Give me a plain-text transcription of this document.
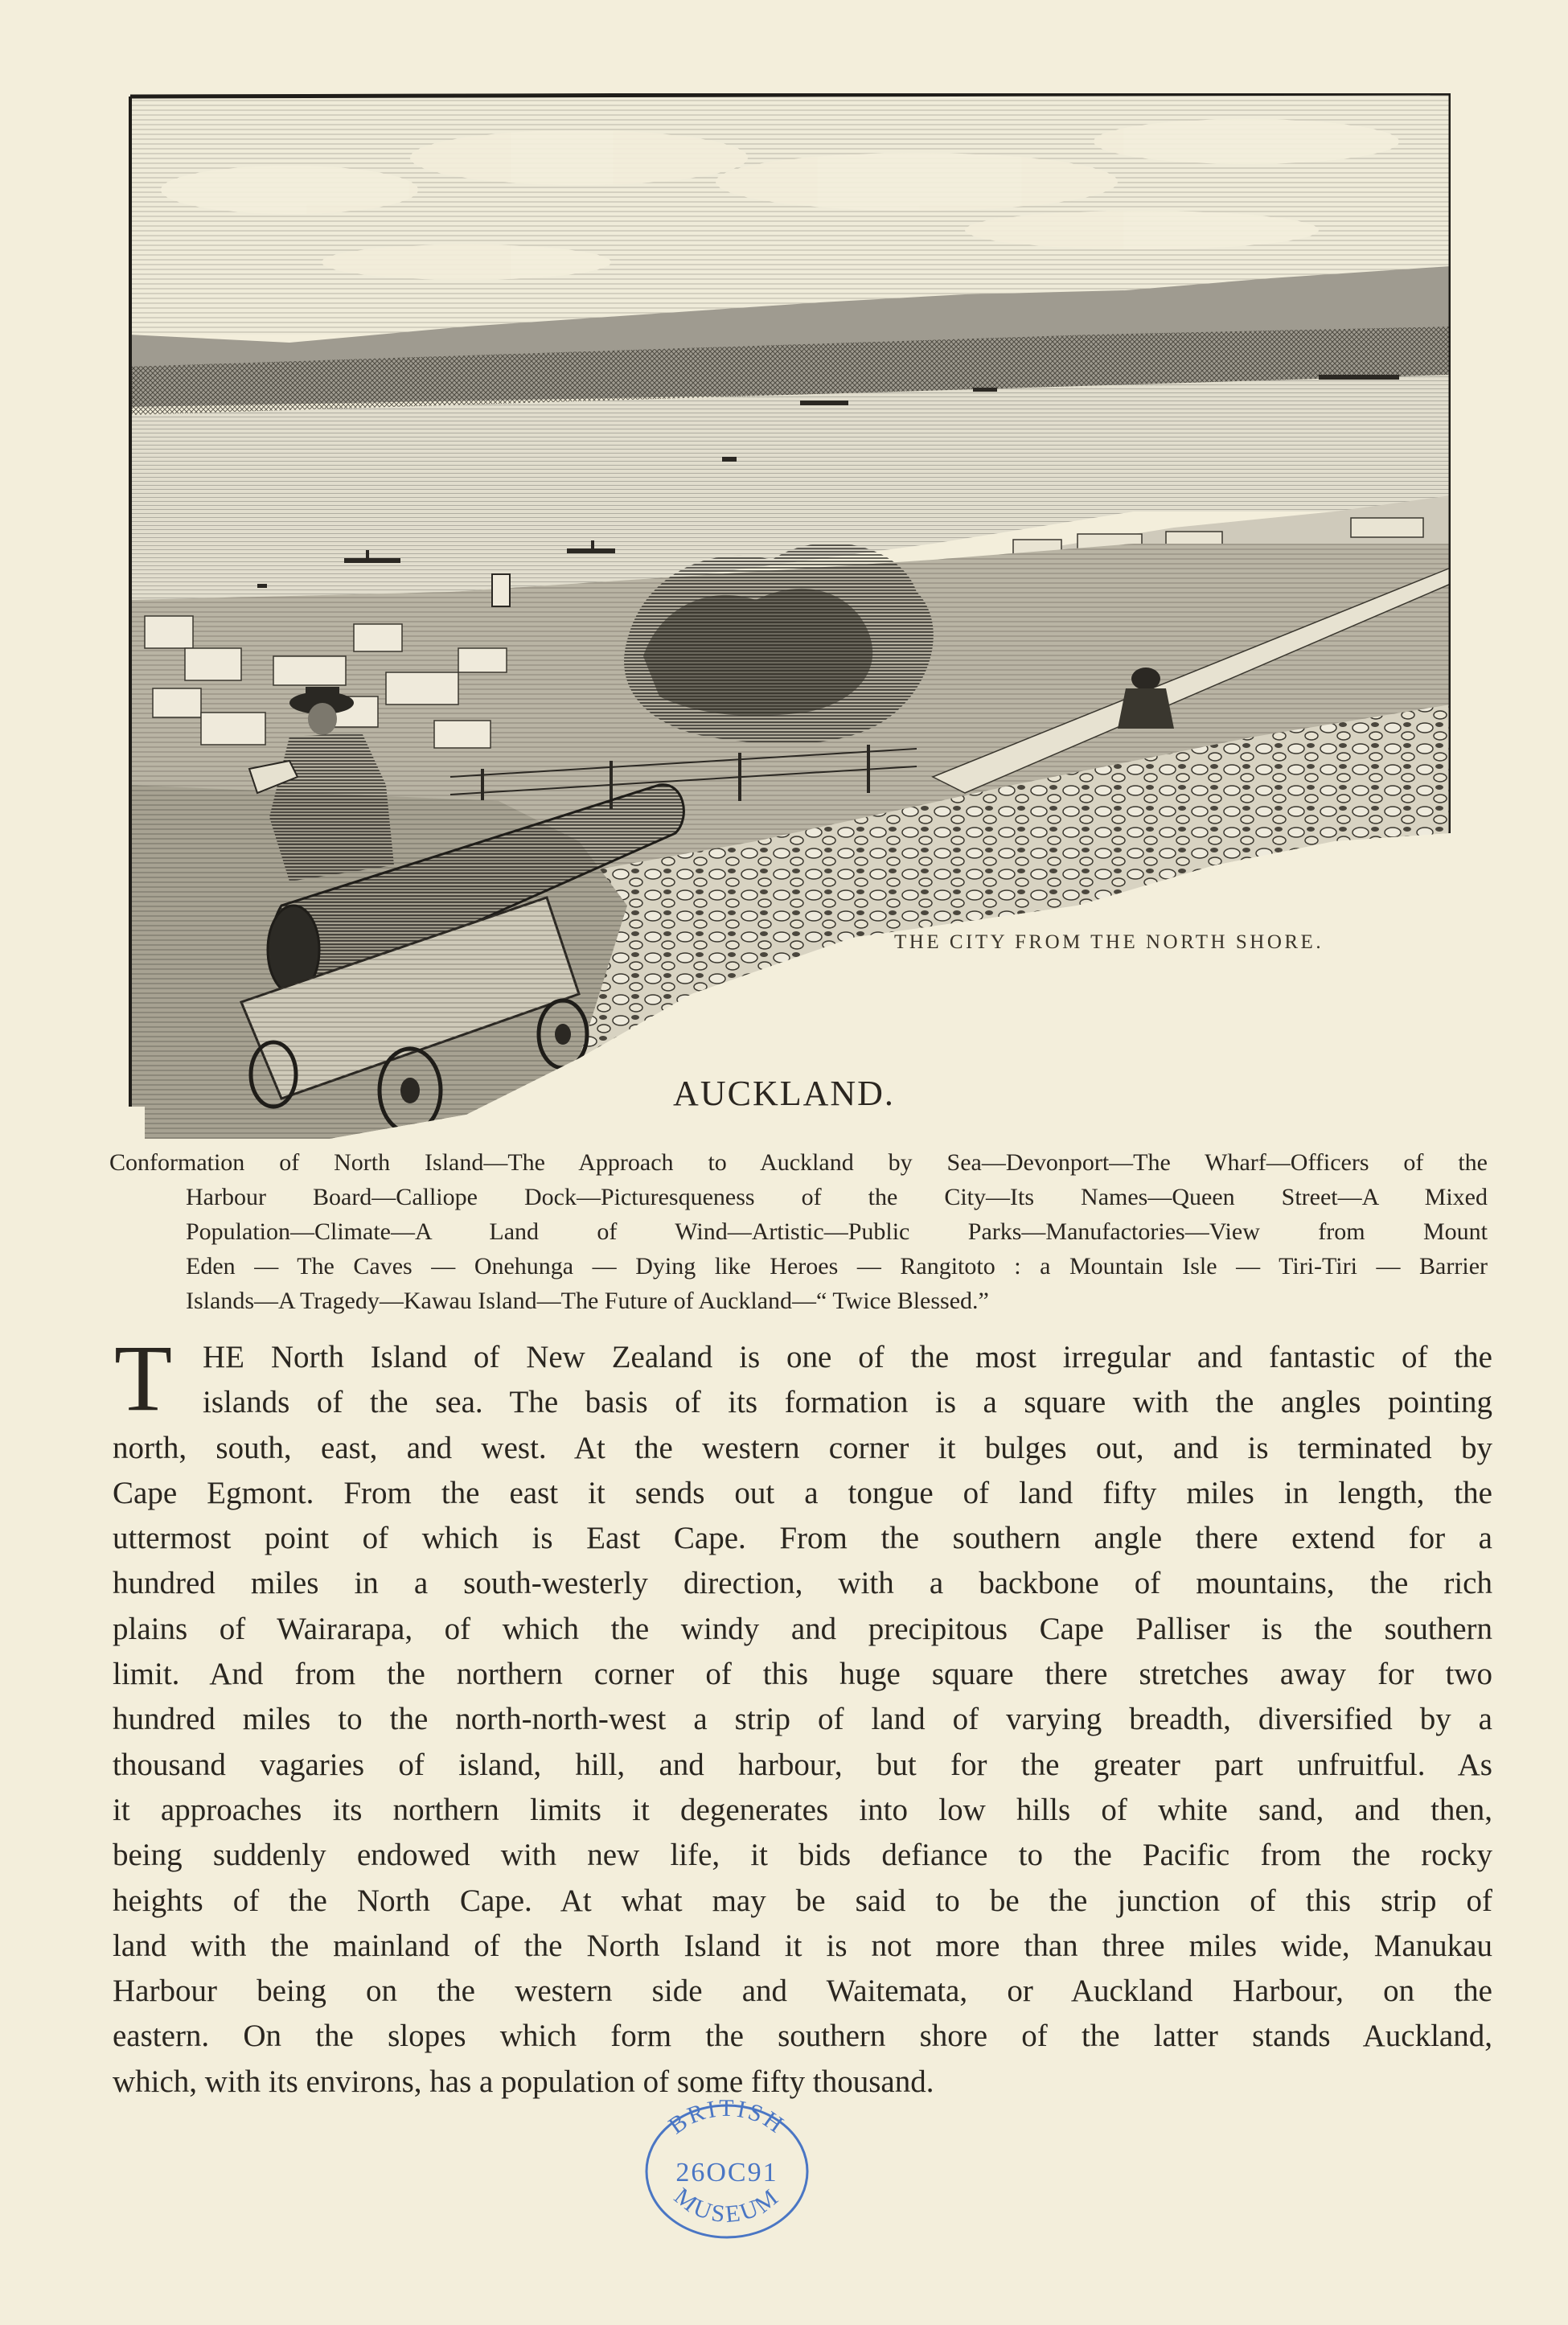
THE CITY FROM THE NORTH SHORE.
AUCKLAND.
Conformation of North Island—The Approach to Auckland by Sea—Devonport—The Wharf—Officers of the
Harbour Board—Calliope Dock—Picturesqueness of the City—Its Names—Queen Street—A Mixed
Population—Climate—A Land of Wind—Artistic—Public Parks—Manufactories—View from Mount
Eden — The Caves — Onehunga — Dying like Heroes — Rangitoto : a Mountain Isle — Tiri-Tiri — Barrier
Islands—A Tragedy—Kawau Island—The Future of Auckland—“ Twice Blessed.”
T HE North Island of New Zealand is one of the most irregular and fantastic of the
islands of the sea. The basis of its formation is a square with the angles pointing
north, south, east, and west. At the western corner it bulges out, and is terminated by
Cape Egmont. From the east it sends out a tongue of land fifty miles in length, the
uttermost point of which is East Cape. From the southern angle there extend for a
hundred miles in a south-westerly direction, with a backbone of mountains, the rich
plains of Wairarapa, of which the windy and precipitous Cape Palliser is the southern
limit. And from the northern corner of this huge square there stretches away for two
hundred miles to the north-north-west a strip of land of varying breadth, diversified by a
thousand vagaries of island, hill, and harbour, but for the greater part unfruitful. As
it approaches its northern limits it degenerates into low hills of white sand, and then,
being suddenly endowed with new life, it bids defiance to the Pacific from the rocky
heights of the North Cape. At what may be said to be the junction of this strip of
land with the mainland of the North Island it is not more than three miles wide, Manukau
Harbour being on the western side and Waitemata, or Auckland Harbour, on the
eastern. On the slopes which form the southern shore of the latter stands Auckland,
which, with its environs, has a population of some fifty thousand.
BRITISH
26OC91
MUSEUM
